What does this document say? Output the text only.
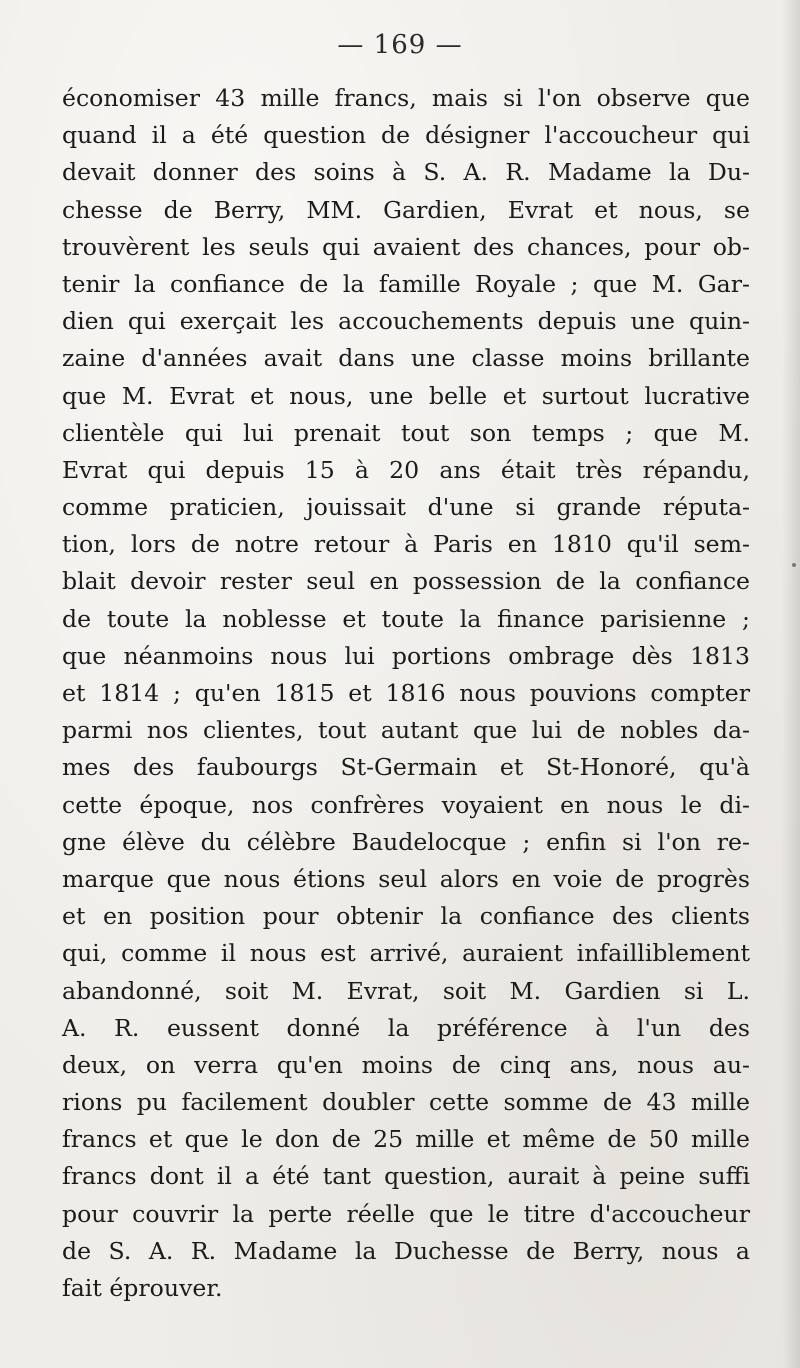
— 169 —
économiser 43 mille francs, mais si l'on observe que
quand il a été question de désigner l'accoucheur qui
devait donner des soins à S. A. R. Madame la Du-
chesse de Berry, MM. Gardien, Evrat et nous, se
trouvèrent les seuls qui avaient des chances, pour ob-
tenir la confiance de la famille Royale ; que M. Gar-
dien qui exerçait les accouchements depuis une quin-
zaine d'années avait dans une classe moins brillante
que M. Evrat et nous, une belle et surtout lucrative
clientèle qui lui prenait tout son temps ; que M.
Evrat qui depuis 15 à 20 ans était très répandu,
comme praticien, jouissait d'une si grande réputa-
tion, lors de notre retour à Paris en 1810 qu'il sem-
blait devoir rester seul en possession de la confiance
de toute la noblesse et toute la finance parisienne ;
que néanmoins nous lui portions ombrage dès 1813
et 1814 ; qu'en 1815 et 1816 nous pouvions compter
parmi nos clientes, tout autant que lui de nobles da-
mes des faubourgs St-Germain et St-Honoré, qu'à
cette époque, nos confrères voyaient en nous le di-
gne élève du célèbre Baudelocque ; enfin si l'on re-
marque que nous étions seul alors en voie de progrès
et en position pour obtenir la confiance des clients
qui, comme il nous est arrivé, auraient infailliblement
abandonné, soit M. Evrat, soit M. Gardien si L.
A. R. eussent donné la préférence à l'un des
deux, on verra qu'en moins de cinq ans, nous au-
rions pu facilement doubler cette somme de 43 mille
francs et que le don de 25 mille et même de 50 mille
francs dont il a été tant question, aurait à peine suffi
pour couvrir la perte réelle que le titre d'accoucheur
de S. A. R. Madame la Duchesse de Berry, nous a
fait éprouver.
